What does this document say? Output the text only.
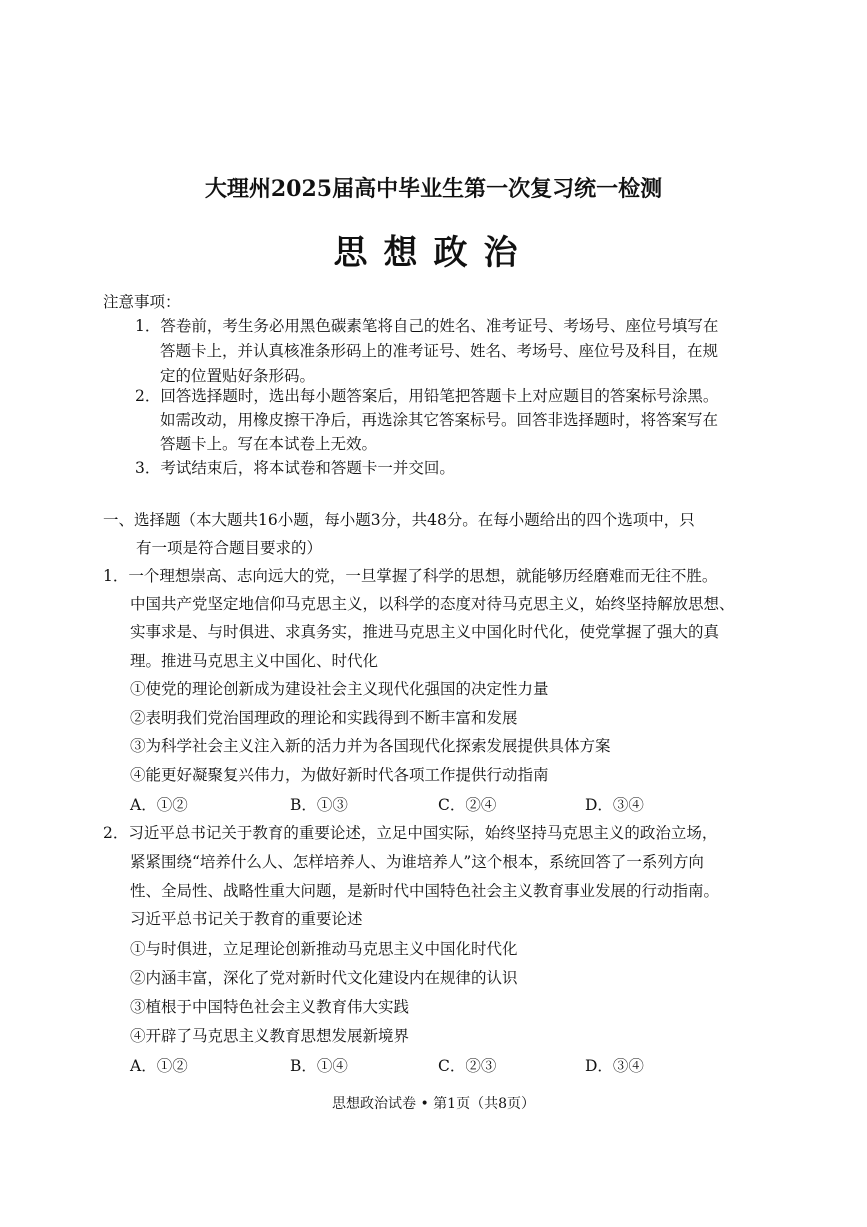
大理州2025届高中毕业生第一次复习统一检测
思想政治
注意事项：
1．答卷前，考生务必用黑色碳素笔将自己的姓名、准考证号、考场号、座位号填写在
答题卡上，并认真核准条形码上的准考证号、姓名、考场号、座位号及科目，在规
定的位置贴好条形码。
2．回答选择题时，选出每小题答案后，用铅笔把答题卡上对应题目的答案标号涂黑。
如需改动，用橡皮擦干净后，再选涂其它答案标号。回答非选择题时，将答案写在
答题卡上。写在本试卷上无效。
3．考试结束后，将本试卷和答题卡一并交回。
一、选择题（本大题共16小题，每小题3分，共48分。在每小题给出的四个选项中，只
有一项是符合题目要求的）
1．一个理想崇高、志向远大的党，一旦掌握了科学的思想，就能够历经磨难而无往不胜。
中国共产党坚定地信仰马克思主义，以科学的态度对待马克思主义，始终坚持解放思想、
实事求是、与时俱进、求真务实，推进马克思主义中国化时代化，使党掌握了强大的真
理。推进马克思主义中国化、时代化
①使党的理论创新成为建设社会主义现代化强国的决定性力量
②表明我们党治国理政的理论和实践得到不断丰富和发展
③为科学社会主义注入新的活力并为各国现代化探索发展提供具体方案
④能更好凝聚复兴伟力，为做好新时代各项工作提供行动指南
A．①②	B．①③	C．②④	D．③④
2．习近平总书记关于教育的重要论述，立足中国实际，始终坚持马克思主义的政治立场，
紧紧围绕“培养什么人、怎样培养人、为谁培养人”这个根本，系统回答了一系列方向
性、全局性、战略性重大问题，是新时代中国特色社会主义教育事业发展的行动指南。
习近平总书记关于教育的重要论述
①与时俱进，立足理论创新推动马克思主义中国化时代化
②内涵丰富，深化了党对新时代文化建设内在规律的认识
③植根于中国特色社会主义教育伟大实践
④开辟了马克思主义教育思想发展新境界
A．①②	B．①④	C．②③	D．③④
思想政治试卷 • 第1页（共8页）
